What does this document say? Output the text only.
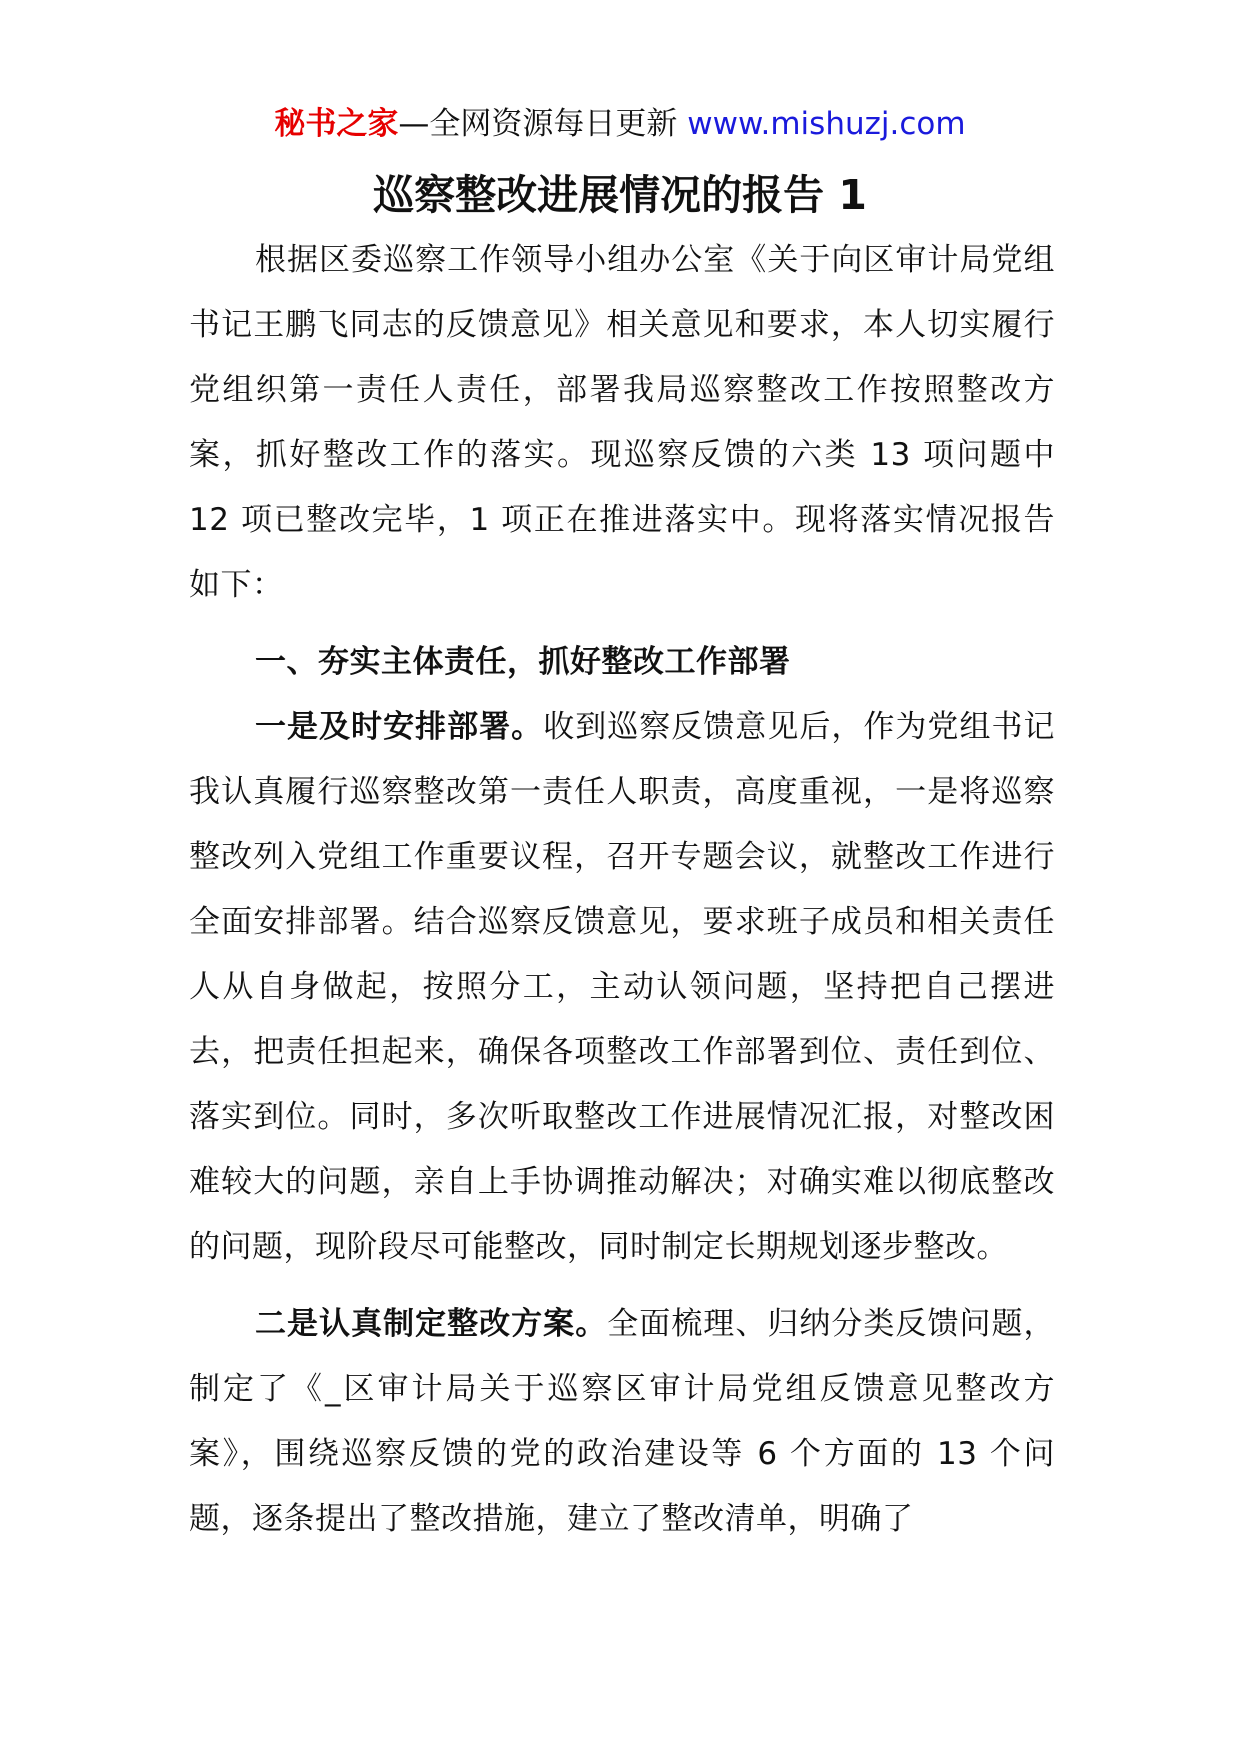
秘书之家—全网资源每日更新 www.mishuzj.com
巡察整改进展情况的报告 1

根据区委巡察工作领导小组办公室《关于向区审计局党组书记王鹏飞同志的反馈意见》相关意见和要求，本人切实履行党组织第一责任人责任，部署我局巡察整改工作按照整改方案，抓好整改工作的落实。现巡察反馈的六类 13 项问题中 12 项已整改完毕，1 项正在推进落实中。现将落实情况报告如下：

一、夯实主体责任，抓好整改工作部署

一是及时安排部署。收到巡察反馈意见后，作为党组书记我认真履行巡察整改第一责任人职责，高度重视，一是将巡察整改列入党组工作重要议程，召开专题会议，就整改工作进行全面安排部署。结合巡察反馈意见，要求班子成员和相关责任人从自身做起，按照分工，主动认领问题，坚持把自己摆进去，把责任担起来，确保各项整改工作部署到位、责任到位、落实到位。同时，多次听取整改工作进展情况汇报，对整改困难较大的问题，亲自上手协调推动解决；对确实难以彻底整改的问题，现阶段尽可能整改，同时制定长期规划逐步整改。

二是认真制定整改方案。全面梳理、归纳分类反馈问题，制定了《_区审计局关于巡察区审计局党组反馈意见整改方案》，围绕巡察反馈的党的政治建设等 6 个方面的 13 个问题，逐条提出了整改措施，建立了整改清单，明确了
